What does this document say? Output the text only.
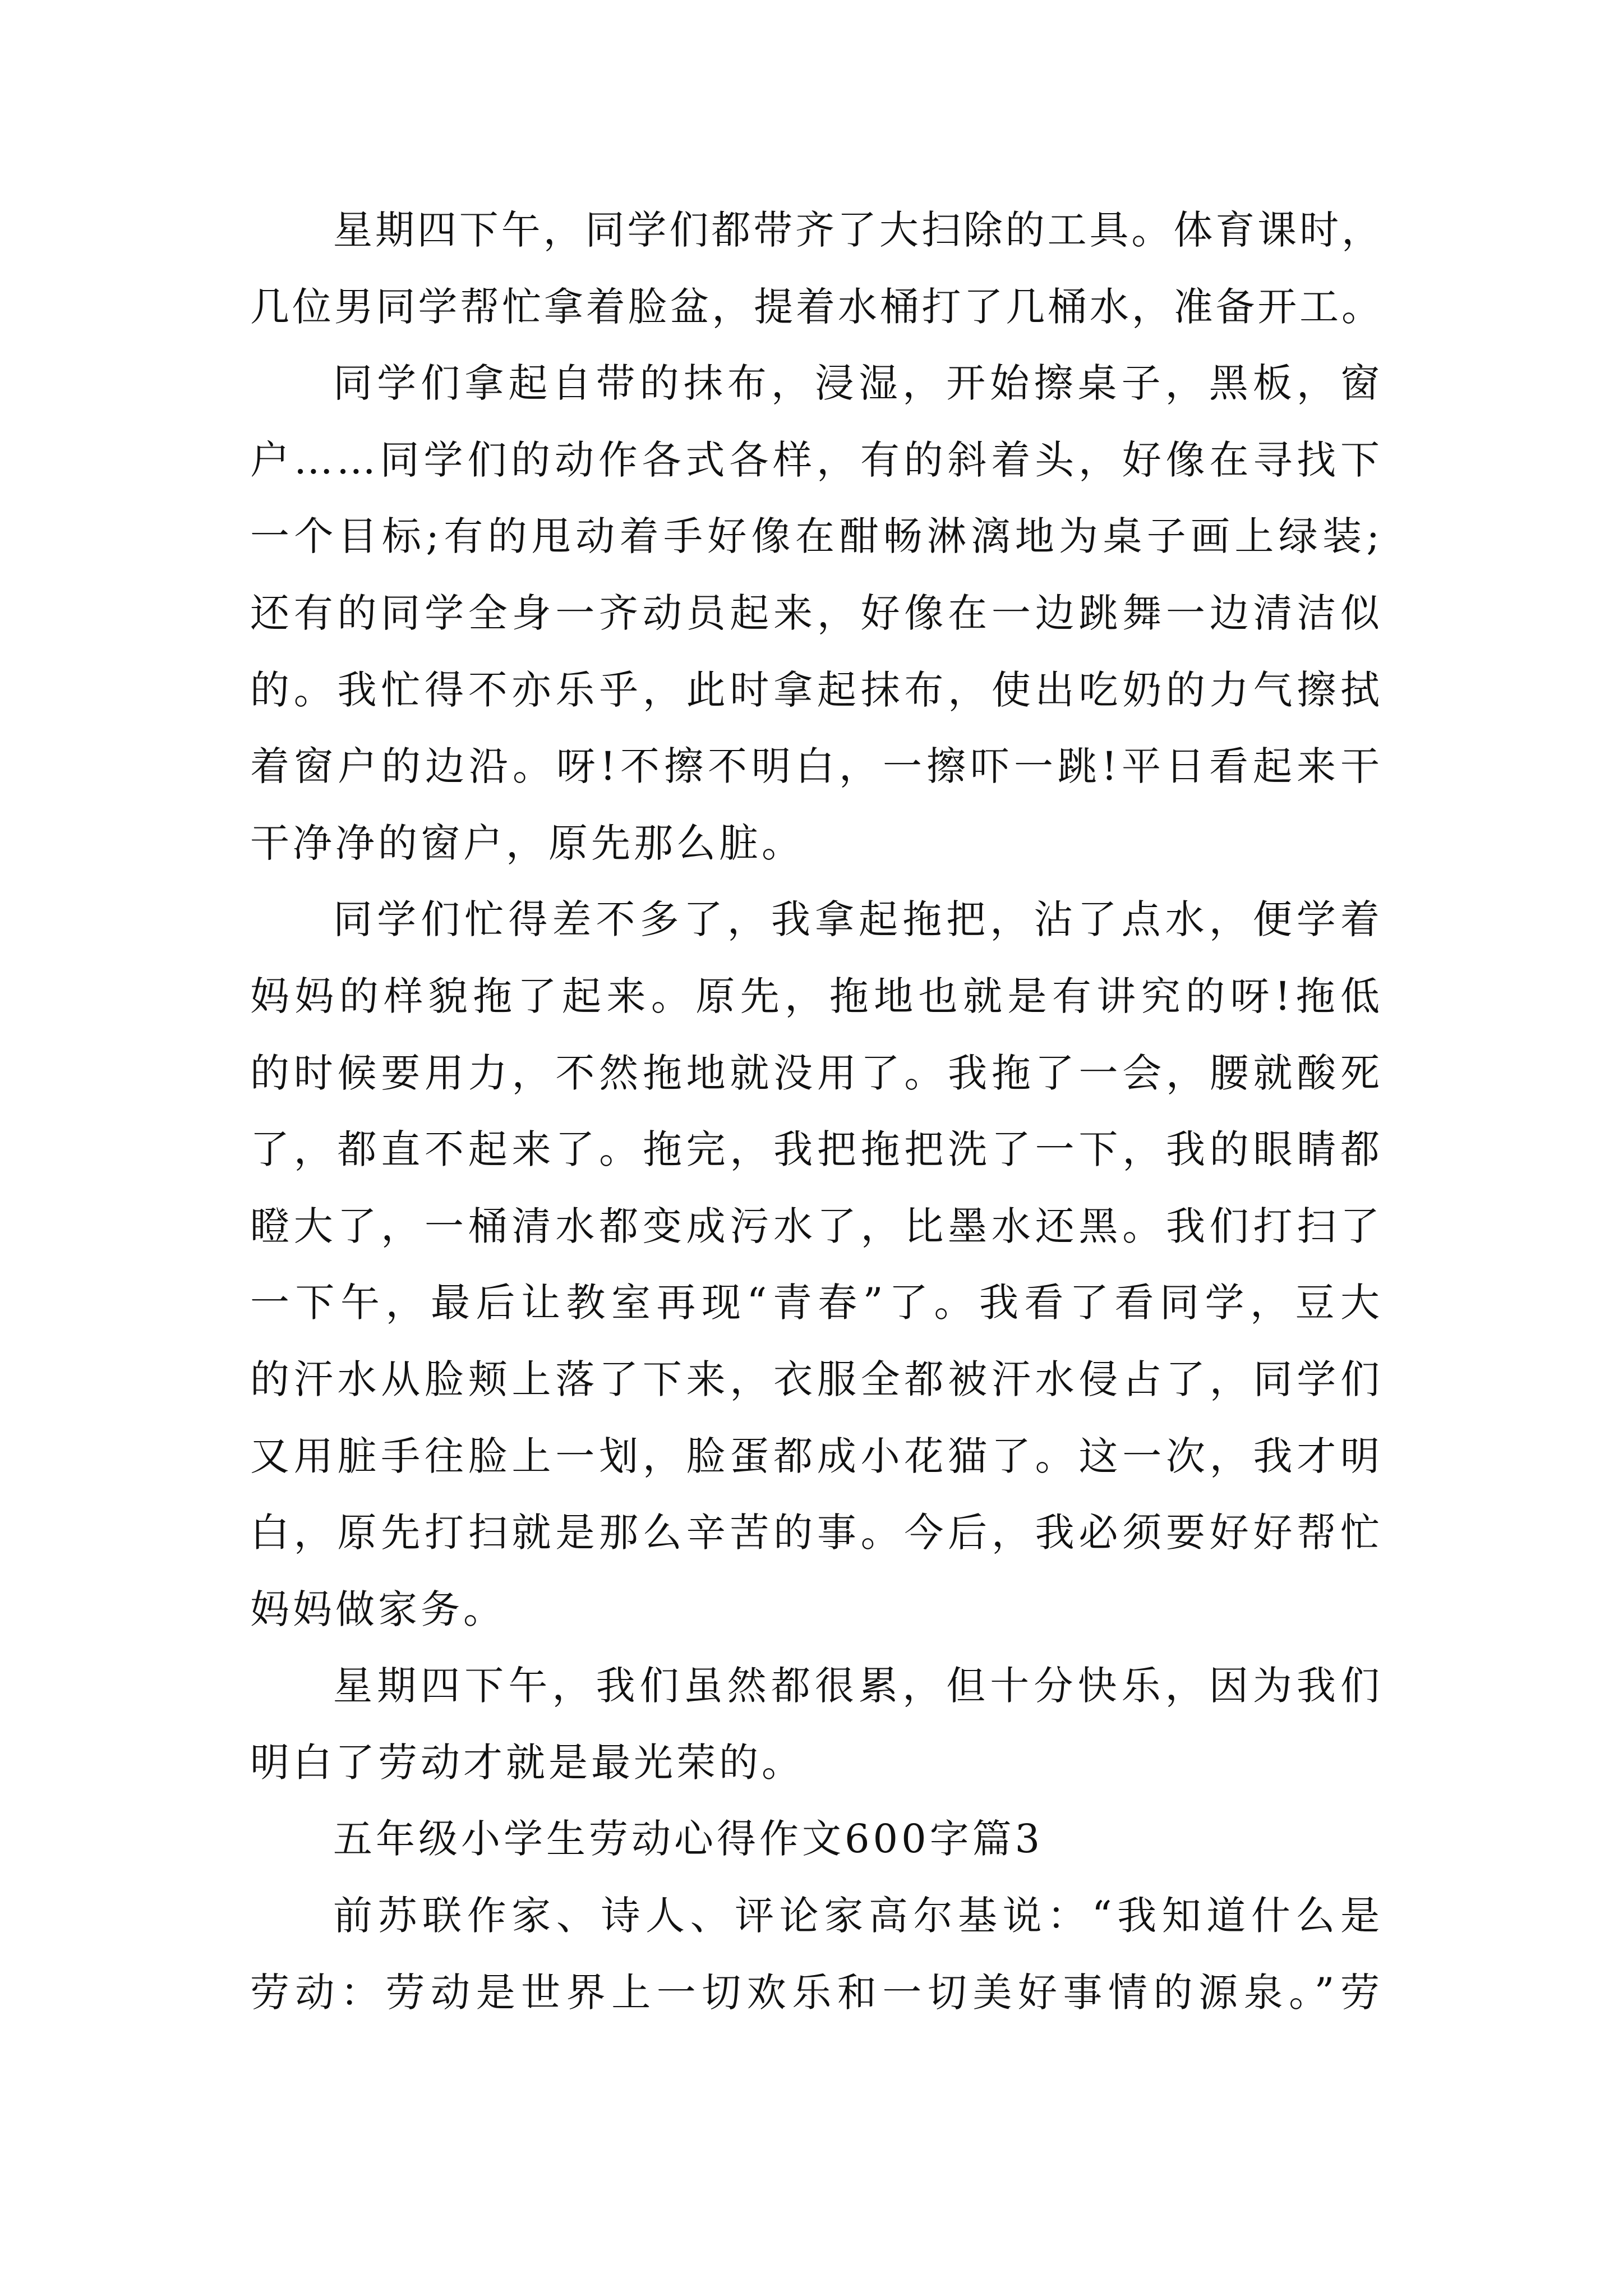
星期四下午，同学们都带齐了大扫除的工具。体育课时，
几位男同学帮忙拿着脸盆，提着水桶打了几桶水，准备开工。
同学们拿起自带的抹布，浸湿，开始擦桌子，黑板，窗
户……同学们的动作各式各样，有的斜着头，好像在寻找下
一个目标;有的甩动着手好像在酣畅淋漓地为桌子画上绿装;
还有的同学全身一齐动员起来，好像在一边跳舞一边清洁似
的。我忙得不亦乐乎，此时拿起抹布，使出吃奶的力气擦拭
着窗户的边沿。呀!不擦不明白，一擦吓一跳!平日看起来干
干净净的窗户，原先那么脏。
同学们忙得差不多了，我拿起拖把，沾了点水，便学着
妈妈的样貌拖了起来。原先，拖地也就是有讲究的呀!拖低
的时候要用力，不然拖地就没用了。我拖了一会，腰就酸死
了，都直不起来了。拖完，我把拖把洗了一下，我的眼睛都
瞪大了，一桶清水都变成污水了，比墨水还黑。我们打扫了
一下午，最后让教室再现“青春”了。我看了看同学，豆大
的汗水从脸颊上落了下来，衣服全都被汗水侵占了，同学们
又用脏手往脸上一划，脸蛋都成小花猫了。这一次，我才明
白，原先打扫就是那么辛苦的事。今后，我必须要好好帮忙
妈妈做家务。
星期四下午，我们虽然都很累，但十分快乐，因为我们
明白了劳动才就是最光荣的。
五年级小学生劳动心得作文600字篇3
前苏联作家、诗人、评论家高尔基说：“我知道什么是
劳动：劳动是世界上一切欢乐和一切美好事情的源泉。”劳
